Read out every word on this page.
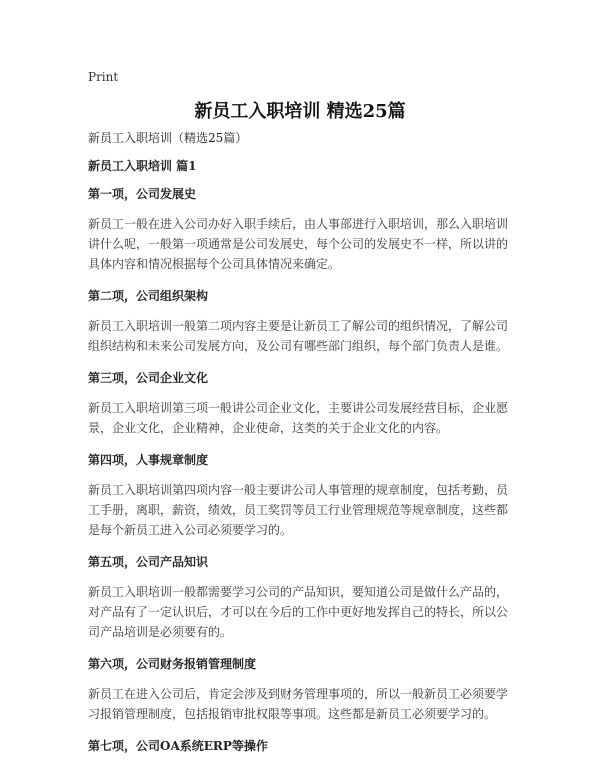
Print
新员工入职培训 精选25篇

新员工入职培训（精选25篇）

新员工入职培训 篇1

第一项，公司发展史

新员工一般在进入公司办好入职手续后，由人事部进行入职培训，那么入职培训讲什么呢，一般第一项通常是公司发展史，每个公司的发展史不一样，所以讲的具体内容和情况根据每个公司具体情况来确定。

第二项，公司组织架构

新员工入职培训一般第二项内容主要是让新员工了解公司的组织情况，了解公司组织结构和未来公司发展方向，及公司有哪些部门组织，每个部门负责人是谁。

第三项，公司企业文化

新员工入职培训第三项一般讲公司企业文化，主要讲公司发展经营目标，企业愿景，企业文化，企业精神，企业使命，这类的关于企业文化的内容。

第四项，人事规章制度

新员工入职培训第四项内容一般主要讲公司人事管理的规章制度，包括考勤，员工手册，离职，薪资，绩效，员工奖罚等员工行业管理规范等规章制度，这些都是每个新员工进入公司必须要学习的。

第五项，公司产品知识

新员工入职培训一般都需要学习公司的产品知识，要知道公司是做什么产品的，对产品有了一定认识后，才可以在今后的工作中更好地发挥自己的特长，所以公司产品培训是必须要有的。

第六项，公司财务报销管理制度

新员工在进入公司后，肯定会涉及到财务管理事项的，所以一般新员工必须要学习报销管理制度，包括报销审批权限等事项。这些都是新员工必须要学习的。

第七项，公司OA系统ERP等操作
